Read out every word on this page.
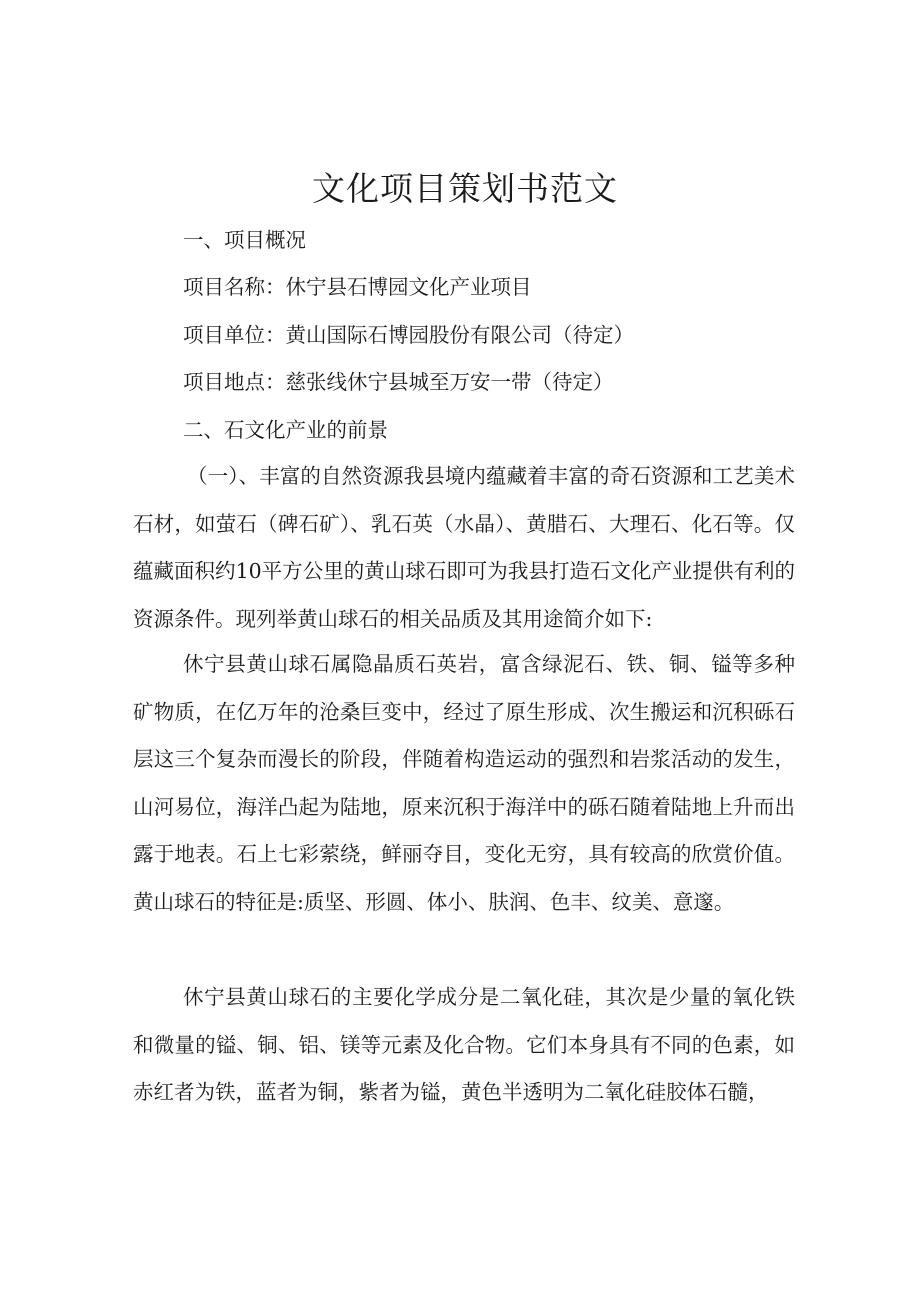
文化项目策划书范文
一、项目概况
项目名称：休宁县石博园文化产业项目
项目单位：黄山国际石博园股份有限公司（待定）
项目地点：慈张线休宁县城至万安一带（待定）
二、石文化产业的前景

（一）、丰富的自然资源我县境内蕴藏着丰富的奇石资源和工艺美术石材，如萤石（碑石矿）、乳石英（水晶）、黄腊石、大理石、化石等。仅蕴藏面积约10平方公里的黄山球石即可为我县打造石文化产业提供有利的资源条件。现列举黄山球石的相关品质及其用途简介如下:

休宁县黄山球石属隐晶质石英岩，富含绿泥石、铁、铜、镒等多种矿物质，在亿万年的沧桑巨变中，经过了原生形成、次生搬运和沉积砾石层这三个复杂而漫长的阶段，伴随着构造运动的强烈和岩浆活动的发生，山河易位，海洋凸起为陆地，原来沉积于海洋中的砾石随着陆地上升而出露于地表。石上七彩萦绕，鲜丽夺目，变化无穷，具有较高的欣赏价值。黄山球石的特征是:质坚、形圆、体小、肤润、色丰、纹美、意邃。

休宁县黄山球石的主要化学成分是二氧化硅，其次是少量的氧化铁和微量的镒、铜、铝、镁等元素及化合物。它们本身具有不同的色素，如赤红者为铁，蓝者为铜，紫者为镒，黄色半透明为二氧化硅胶体石髓，
